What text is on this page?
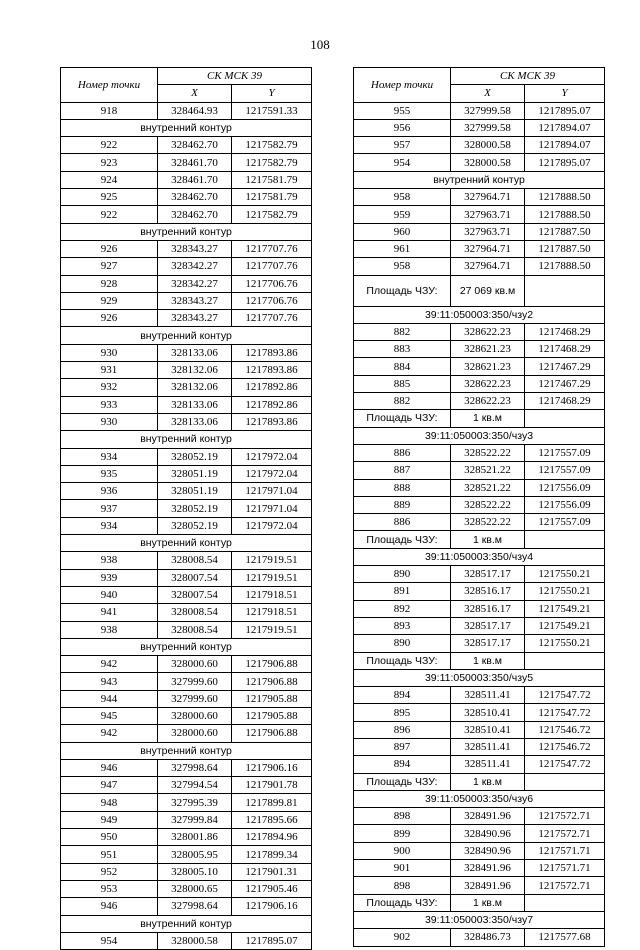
108
Номер точки	СК МСК 39	
	X	Y
918	328464.93	1217591.33
внутренний контур		
922	328462.70	1217582.79
923	328461.70	1217582.79
924	328461.70	1217581.79
925	328462.70	1217581.79
922	328462.70	1217582.79
внутренний контур		
926	328343.27	1217707.76
927	328342.27	1217707.76
928	328342.27	1217706.76
929	328343.27	1217706.76
926	328343.27	1217707.76
внутренний контур		
930	328133.06	1217893.86
931	328132.06	1217893.86
932	328132.06	1217892.86
933	328133.06	1217892.86
930	328133.06	1217893.86
внутренний контур		
934	328052.19	1217972.04
935	328051.19	1217972.04
936	328051.19	1217971.04
937	328052.19	1217971.04
934	328052.19	1217972.04
внутренний контур		
938	328008.54	1217919.51
939	328007.54	1217919.51
940	328007.54	1217918.51
941	328008.54	1217918.51
938	328008.54	1217919.51
внутренний контур		
942	328000.60	1217906.88
943	327999.60	1217906.88
944	327999.60	1217905.88
945	328000.60	1217905.88
942	328000.60	1217906.88
внутренний контур		
946	327998.64	1217906.16
947	327994.54	1217901.78
948	327995.39	1217899.81
949	327999.84	1217895.66
950	328001.86	1217894.96
951	328005.95	1217899.34
952	328005.10	1217901.31
953	328000.65	1217905.46
946	327998.64	1217906.16
внутренний контур		
954	328000.58	1217895.07
Номер точки	СК МСК 39	
	X	Y
955	327999.58	1217895.07
956	327999.58	1217894.07
957	328000.58	1217894.07
954	328000.58	1217895.07
внутренний контур		
958	327964.71	1217888.50
959	327963.71	1217888.50
960	327963.71	1217887.50
961	327964.71	1217887.50
958	327964.71	1217888.50
Площадь ЧЗУ:	27 069 кв.м	
39:11:050003:350/чзу2		
882	328622.23	1217468.29
883	328621.23	1217468.29
884	328621.23	1217467.29
885	328622.23	1217467.29
882	328622.23	1217468.29
Площадь ЧЗУ:	1 кв.м	
39:11:050003:350/чзу3		
886	328522.22	1217557.09
887	328521.22	1217557.09
888	328521.22	1217556.09
889	328522.22	1217556.09
886	328522.22	1217557.09
Площадь ЧЗУ:	1 кв.м	
39:11:050003:350/чзу4		
890	328517.17	1217550.21
891	328516.17	1217550.21
892	328516.17	1217549.21
893	328517.17	1217549.21
890	328517.17	1217550.21
Площадь ЧЗУ:	1 кв.м	
39:11:050003:350/чзу5		
894	328511.41	1217547.72
895	328510.41	1217547.72
896	328510.41	1217546.72
897	328511.41	1217546.72
894	328511.41	1217547.72
Площадь ЧЗУ:	1 кв.м	
39:11:050003:350/чзу6		
898	328491.96	1217572.71
899	328490.96	1217572.71
900	328490.96	1217571.71
901	328491.96	1217571.71
898	328491.96	1217572.71
Площадь ЧЗУ:	1 кв.м	
39:11:050003:350/чзу7		
902	328486.73	1217577.68
